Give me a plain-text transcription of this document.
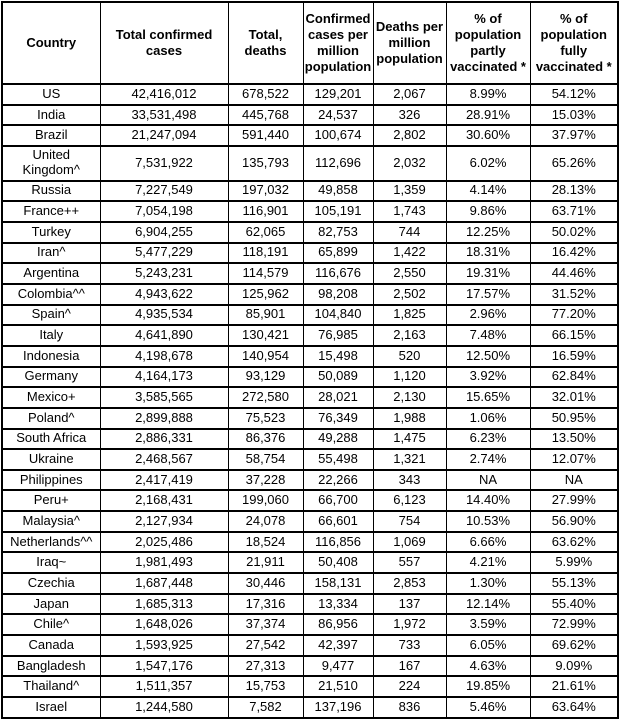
Country	Total confirmed cases	Total, deaths	Confirmed cases per million population	Deaths per million population	% of population partly vaccinated *	% of population fully vaccinated *
US	42,416,012	678,522	129,201	2,067	8.99%	54.12%
India	33,531,498	445,768	24,537	326	28.91%	15.03%
Brazil	21,247,094	591,440	100,674	2,802	30.60%	37.97%
United Kingdom^	7,531,922	135,793	112,696	2,032	6.02%	65.26%
Russia	7,227,549	197,032	49,858	1,359	4.14%	28.13%
France++	7,054,198	116,901	105,191	1,743	9.86%	63.71%
Turkey	6,904,255	62,065	82,753	744	12.25%	50.02%
Iran^	5,477,229	118,191	65,899	1,422	18.31%	16.42%
Argentina	5,243,231	114,579	116,676	2,550	19.31%	44.46%
Colombia^^	4,943,622	125,962	98,208	2,502	17.57%	31.52%
Spain^	4,935,534	85,901	104,840	1,825	2.96%	77.20%
Italy	4,641,890	130,421	76,985	2,163	7.48%	66.15%
Indonesia	4,198,678	140,954	15,498	520	12.50%	16.59%
Germany	4,164,173	93,129	50,089	1,120	3.92%	62.84%
Mexico+	3,585,565	272,580	28,021	2,130	15.65%	32.01%
Poland^	2,899,888	75,523	76,349	1,988	1.06%	50.95%
South Africa	2,886,331	86,376	49,288	1,475	6.23%	13.50%
Ukraine	2,468,567	58,754	55,498	1,321	2.74%	12.07%
Philippines	2,417,419	37,228	22,266	343	NA	NA
Peru+	2,168,431	199,060	66,700	6,123	14.40%	27.99%
Malaysia^	2,127,934	24,078	66,601	754	10.53%	56.90%
Netherlands^^	2,025,486	18,524	116,856	1,069	6.66%	63.62%
Iraq~	1,981,493	21,911	50,408	557	4.21%	5.99%
Czechia	1,687,448	30,446	158,131	2,853	1.30%	55.13%
Japan	1,685,313	17,316	13,334	137	12.14%	55.40%
Chile^	1,648,026	37,374	86,956	1,972	3.59%	72.99%
Canada	1,593,925	27,542	42,397	733	6.05%	69.62%
Bangladesh	1,547,176	27,313	9,477	167	4.63%	9.09%
Thailand^	1,511,357	15,753	21,510	224	19.85%	21.61%
Israel	1,244,580	7,582	137,196	836	5.46%	63.64%
